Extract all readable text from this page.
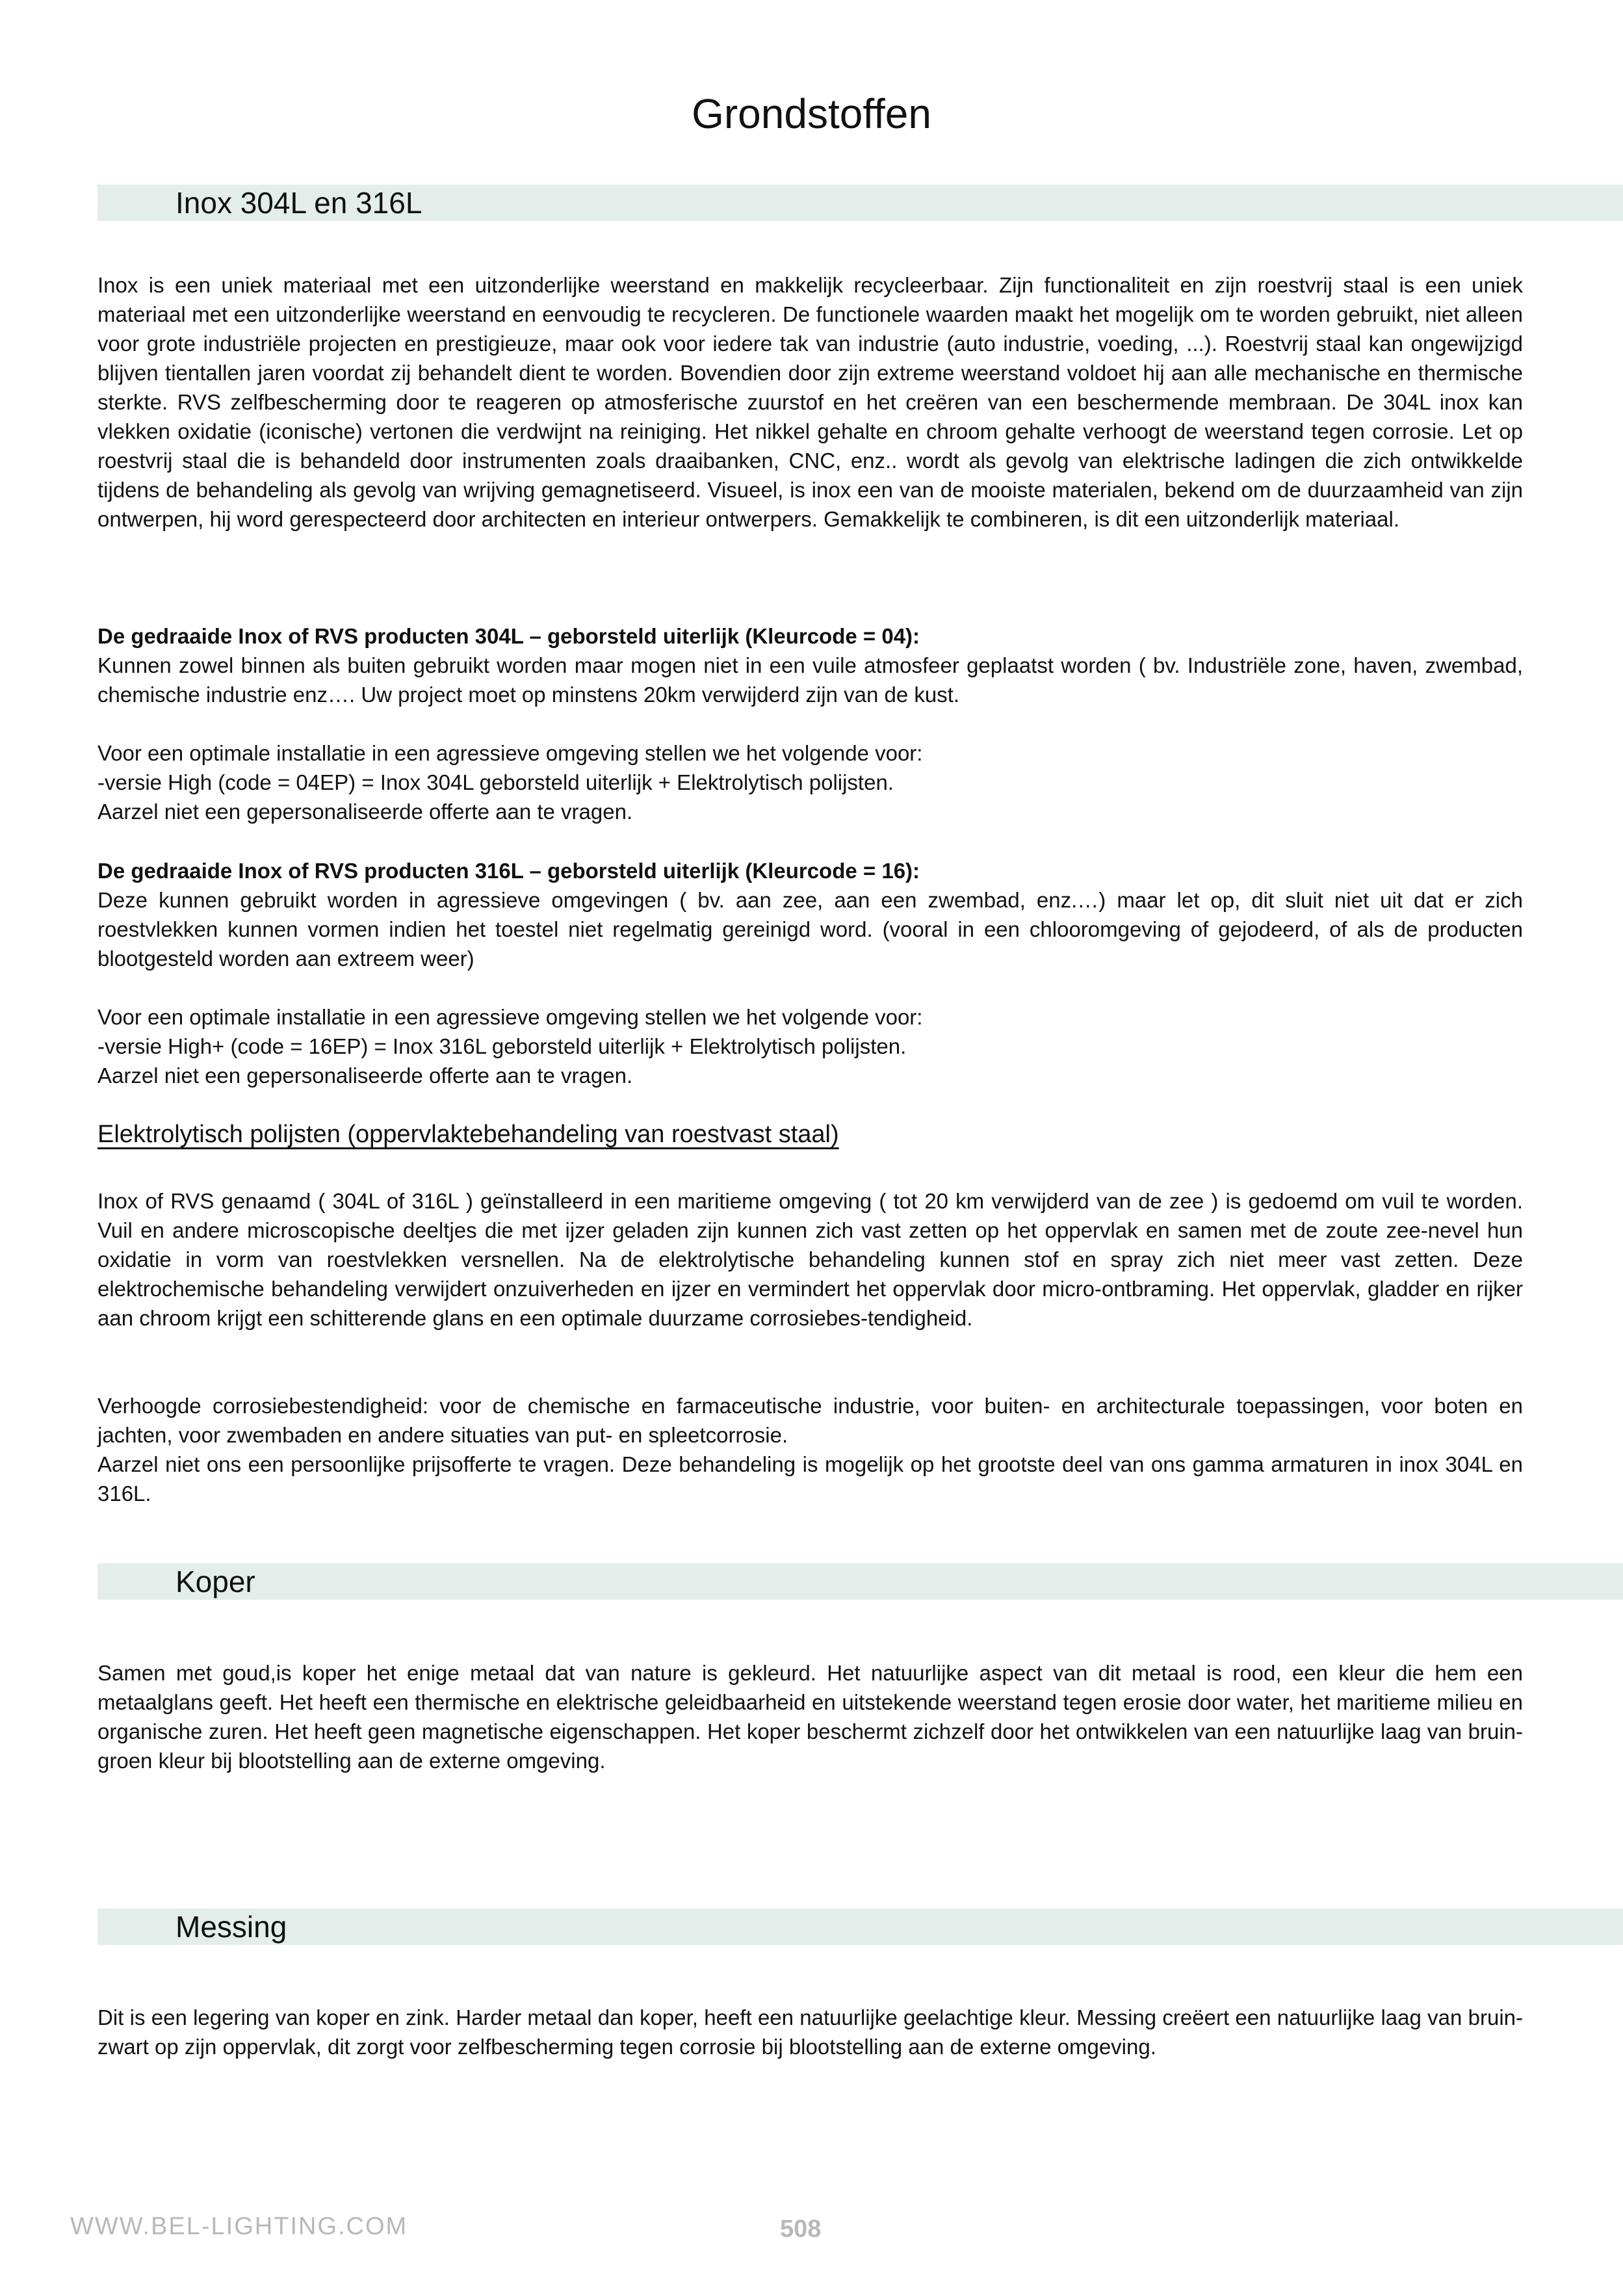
Grondstoffen
Inox 304L en 316L

Inox is een uniek materiaal met een uitzonderlijke weerstand en makkelijk recycleerbaar. Zijn functionaliteit en zijn roestvrij staal is een uniek materiaal met een uitzonderlijke weerstand en eenvoudig te recycleren. De functionele waarden maakt het mogelijk om te worden gebruikt, niet alleen voor grote industriële projecten en prestigieuze, maar ook voor iedere tak van industrie (auto industrie, voeding, ...). Roestvrij staal kan ongewijzigd blijven tientallen jaren voordat zij behandelt dient te worden. Bovendien door zijn extreme weerstand voldoet hij aan alle mechanische en thermische sterkte. RVS zelfbescherming door te reageren op atmosferische zuurstof en het creëren van een beschermende membraan. De 304L inox kan vlekken oxidatie (iconische) vertonen die verdwijnt na reiniging. Het nikkel gehalte en chroom gehalte verhoogt de weerstand tegen corrosie. Let op roestvrij staal die is behandeld door instrumenten zoals draaibanken, CNC, enz.. wordt als gevolg van elektrische ladingen die zich ontwikkelde tijdens de behandeling als gevolg van wrijving gemagnetiseerd. Visueel, is inox een van de mooiste materialen, bekend om de duurzaamheid van zijn ontwerpen, hij word gerespecteerd door architecten en interieur ontwerpers. Gemakkelijk te combineren, is dit een uitzonderlijk materiaal.

De gedraaide Inox of RVS producten 304L – geborsteld uiterlijk (Kleurcode = 04):

Kunnen zowel binnen als buiten gebruikt worden maar mogen niet in een vuile atmosfeer geplaatst worden ( bv. Industriële zone, haven, zwembad, chemische industrie enz…. Uw project moet op minstens 20km verwijderd zijn van de kust.

Voor een optimale installatie in een agressieve omgeving stellen we het volgende voor:

-versie High (code = 04EP) = Inox 304L geborsteld uiterlijk + Elektrolytisch polijsten.

Aarzel niet een gepersonaliseerde offerte aan te vragen.

De gedraaide Inox of RVS producten 316L – geborsteld uiterlijk (Kleurcode = 16):

Deze kunnen gebruikt worden in agressieve omgevingen ( bv. aan zee, aan een zwembad, enz.…) maar let op, dit sluit niet uit dat er zich roestvlekken kunnen vormen indien het toestel niet regelmatig gereinigd word. (vooral in een chlooromgeving of gejodeerd, of als de producten blootgesteld worden aan extreem weer)

Voor een optimale installatie in een agressieve omgeving stellen we het volgende voor:

-versie High+ (code = 16EP) = Inox 316L geborsteld uiterlijk + Elektrolytisch polijsten.

Aarzel niet een gepersonaliseerde offerte aan te vragen.

Elektrolytisch polijsten (oppervlaktebehandeling van roestvast staal)

Inox of RVS genaamd ( 304L of 316L ) geïnstalleerd in een maritieme omgeving ( tot 20 km verwijderd van de zee ) is gedoemd om vuil te worden. Vuil en andere microscopische deeltjes die met ijzer geladen zijn kunnen zich vast zetten op het oppervlak en samen met de zoute zee-nevel hun oxidatie in vorm van roestvlekken versnellen. Na de elektrolytische behandeling kunnen stof en spray zich niet meer vast zetten. Deze elektrochemische behandeling verwijdert onzuiverheden en ijzer en vermindert het oppervlak door micro-ontbraming. Het oppervlak, gladder en rijker aan chroom krijgt een schitterende glans en een optimale duurzame corrosiebes-tendigheid.

Verhoogde corrosiebestendigheid: voor de chemische en farmaceutische industrie, voor buiten- en architecturale toepassingen, voor boten en jachten, voor zwembaden en andere situaties van put- en spleetcorrosie.

Aarzel niet ons een persoonlijke prijsofferte te vragen. Deze behandeling is mogelijk op het grootste deel van ons gamma armaturen in inox 304L en 316L.

Koper

Samen met goud,is koper het enige metaal dat van nature is gekleurd. Het natuurlijke aspect van dit metaal is rood, een kleur die hem een metaalglans geeft. Het heeft een thermische en elektrische geleidbaarheid en uitstekende weerstand tegen erosie door water, het maritieme milieu en organische zuren. Het heeft geen magnetische eigenschappen. Het koper beschermt zichzelf door het ontwikkelen van een natuurlijke laag van bruin-groen kleur bij blootstelling aan de externe omgeving.

Messing

Dit is een legering van koper en zink. Harder metaal dan koper, heeft een natuurlijke geelachtige kleur. Messing creëert een natuurlijke laag van bruin-zwart op zijn oppervlak, dit zorgt voor zelfbescherming tegen corrosie bij blootstelling aan de externe omgeving.

WWW.BEL-LIGHTING.COM	508
